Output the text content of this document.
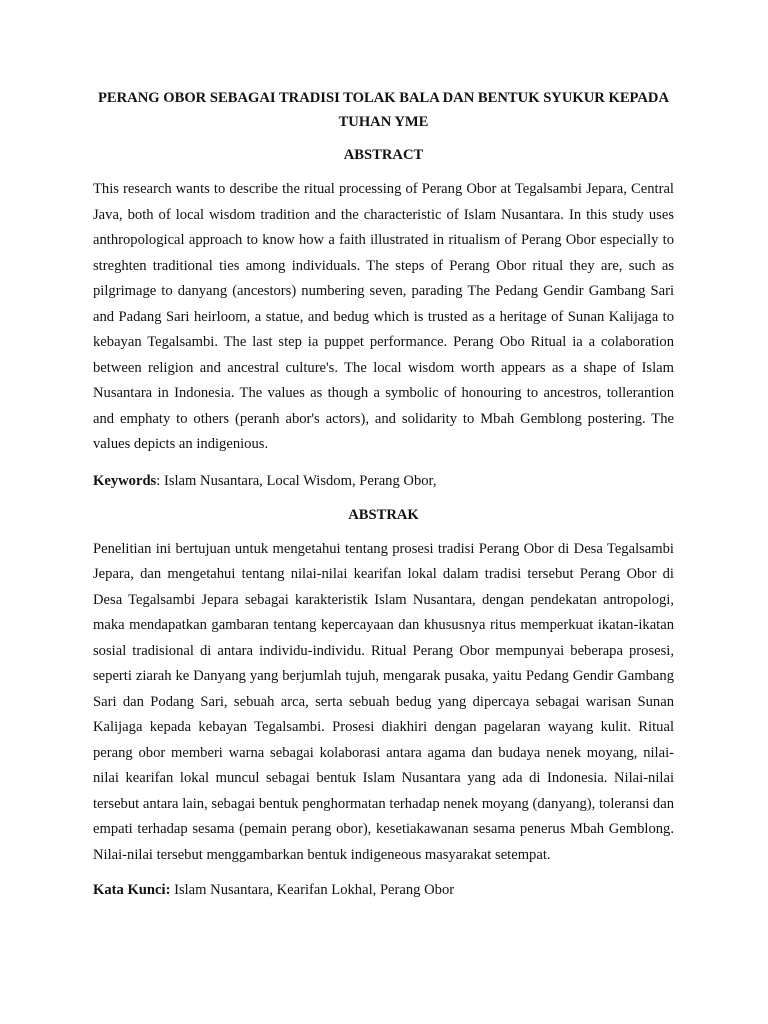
PERANG OBOR SEBAGAI TRADISI TOLAK BALA DAN BENTUK SYUKUR KEPADA TUHAN YME

ABSTRACT

This research wants to describe the ritual processing of Perang Obor at Tegalsambi Jepara, Central Java, both of local wisdom tradition and the characteristic of Islam Nusantara. In this study uses anthropological approach to know how a faith illustrated in ritualism of Perang Obor especially to streghten traditional ties among individuals. The steps of Perang Obor ritual they are, such as pilgrimage to danyang (ancestors) numbering seven, parading The Pedang Gendir Gambang Sari and Padang Sari heirloom, a statue, and bedug which is trusted as a heritage of Sunan Kalijaga to kebayan Tegalsambi. The last step ia puppet performance. Perang Obo Ritual ia a colaboration between religion and ancestral culture's. The local wisdom worth appears as a shape of Islam Nusantara in Indonesia. The values as though a symbolic of honouring to ancestros, tollerantion and emphaty to others (peranh abor's actors), and solidarity to Mbah Gemblong postering. The values depicts an indigenious.

Keywords: Islam Nusantara, Local Wisdom, Perang Obor,

ABSTRAK

Penelitian ini bertujuan untuk mengetahui tentang prosesi tradisi Perang Obor di Desa Tegalsambi Jepara, dan mengetahui tentang nilai-nilai kearifan lokal dalam tradisi tersebut Perang Obor di Desa Tegalsambi Jepara sebagai karakteristik Islam Nusantara, dengan pendekatan antropologi, maka mendapatkan gambaran tentang kepercayaan dan khususnya ritus memperkuat ikatan-ikatan sosial tradisional di antara individu-individu. Ritual Perang Obor mempunyai beberapa prosesi, seperti ziarah ke Danyang yang berjumlah tujuh, mengarak pusaka, yaitu Pedang Gendir Gambang Sari dan Podang Sari, sebuah arca, serta sebuah bedug yang dipercaya sebagai warisan Sunan Kalijaga kepada kebayan Tegalsambi. Prosesi diakhiri dengan pagelaran wayang kulit. Ritual perang obor memberi warna sebagai kolaborasi antara agama dan budaya nenek moyang, nilai-nilai kearifan lokal muncul sebagai bentuk Islam Nusantara yang ada di Indonesia. Nilai-nilai tersebut antara lain, sebagai bentuk penghormatan terhadap nenek moyang (danyang), toleransi dan empati terhadap sesama (pemain perang obor), kesetiakawanan sesama penerus Mbah Gemblong. Nilai-nilai tersebut menggambarkan bentuk indigeneous masyarakat setempat.

Kata Kunci: Islam Nusantara, Kearifan Lokhal, Perang Obor
